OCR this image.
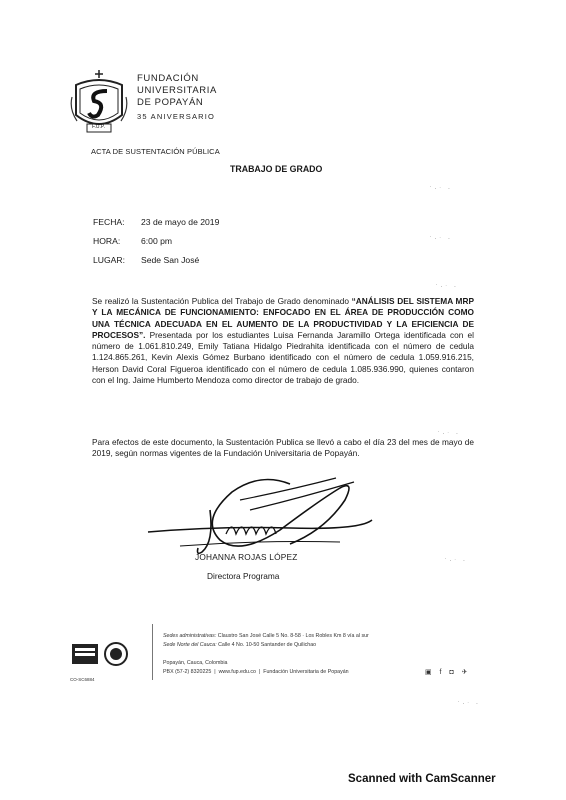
F.U.P.
FUNDACIÓN
UNIVERSITARIA
DE POPAYÁN
35 ANIVERSARIO
ACTA DE SUSTENTACIÓN PÚBLICA
TRABAJO DE GRADO
FECHA: 23 de mayo de 2019
HORA: 6:00 pm
LUGAR: Sede San José
Se realizó la Sustentación Publica del Trabajo de Grado denominado “ANÁLISIS DEL SISTEMA MRP Y LA MECÁNICA DE FUNCIONAMIENTO: ENFOCADO EN EL ÁREA DE PRODUCCIÓN COMO UNA TÉCNICA ADECUADA EN EL AUMENTO DE LA PRODUCTIVIDAD Y LA EFICIENCIA DE PROCESOS”. Presentada por los estudiantes Luisa Fernanda Jaramillo Ortega identificada con el número de 1.061.810.249, Emily Tatiana Hidalgo Piedrahita identificada con el número de cedula 1.124.865.261, Kevin Alexis Gómez Burbano identificado con el número de cedula 1.059.916.215, Herson David Coral Figueroa identificado con el número de cedula 1.085.936.990, quienes contaron con el Ing. Jaime Humberto Mendoza como director de trabajo de grado.
Para efectos de este documento, la Sustentación Publica se llevó a cabo el día 23 del mes de mayo de 2019, según normas vigentes de la Fundación Universitaria de Popayán.
JOHANNA ROJAS LÓPEZ
Directora Programa
CO-SC6884
Sedes administrativas: Claustro San José Calle 5 No. 8-58 · Los Robles Km 8 vía al sur
Sede Norte del Cauca: Calle 4 No. 10-50 Santander de Quilichao
Popayán, Cauca, Colombia
PBX (57-2) 8320225  |  www.fup.edu.co  |  Fundación Universitaria de Popayán	▣ f ◘ ✈
˙·ˑ ·
˙·ˑ ·
˙·ˑ ·
˙·ˑ ·
˙·ˑ ·
˙·ˑ ·
Scanned with CamScanner
